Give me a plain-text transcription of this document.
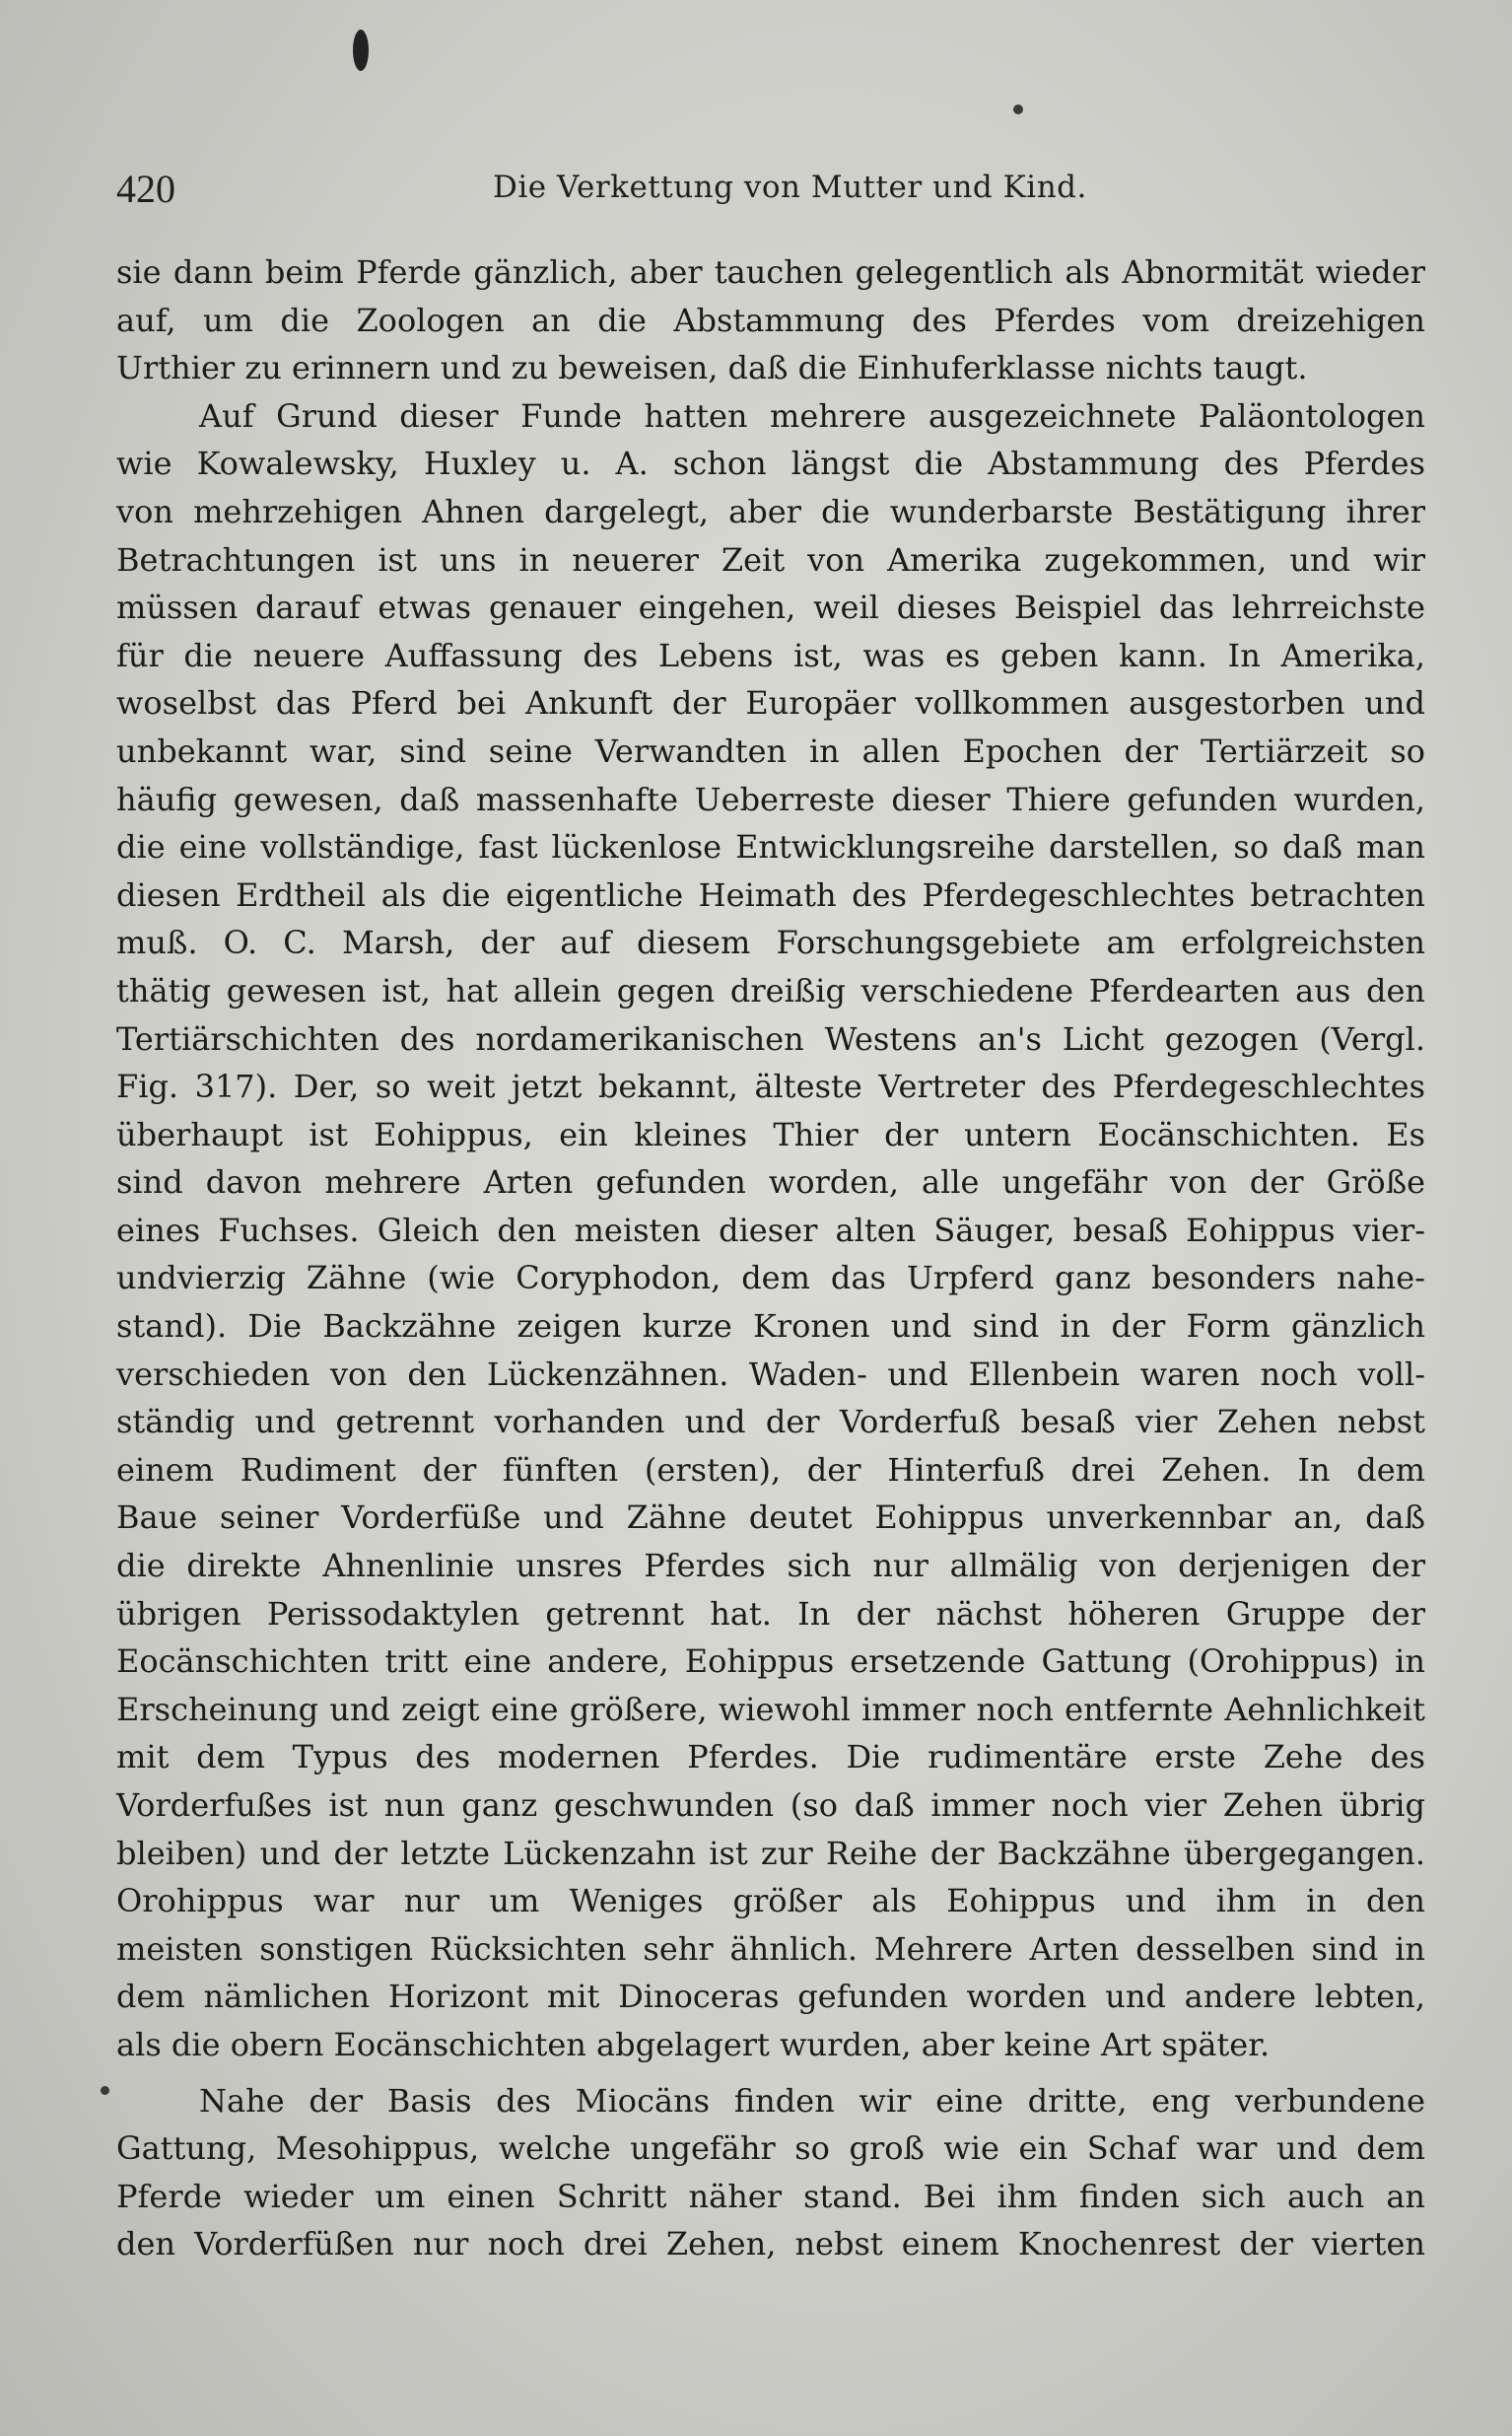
420	Die Verkettung von Mutter und Kind.
sie dann beim Pferde gänzlich, aber tauchen gelegentlich als Abnormität wieder
auf, um die Zoologen an die Abstammung des Pferdes vom dreizehigen
Urthier zu erinnern und zu beweisen, daß die Einhuferklasse nichts taugt.
Auf Grund dieser Funde hatten mehrere ausgezeichnete Paläontologen
wie Kowalewsky, Huxley u. A. schon längst die Abstammung des Pferdes
von mehrzehigen Ahnen dargelegt, aber die wunderbarste Bestätigung ihrer
Betrachtungen ist uns in neuerer Zeit von Amerika zugekommen, und wir
müssen darauf etwas genauer eingehen, weil dieses Beispiel das lehrreichste
für die neuere Auffassung des Lebens ist, was es geben kann. In Amerika,
woselbst das Pferd bei Ankunft der Europäer vollkommen ausgestorben und
unbekannt war, sind seine Verwandten in allen Epochen der Tertiärzeit so
häufig gewesen, daß massenhafte Ueberreste dieser Thiere gefunden wurden,
die eine vollständige, fast lückenlose Entwicklungsreihe darstellen, so daß man
diesen Erdtheil als die eigentliche Heimath des Pferdegeschlechtes betrachten
muß. O. C. Marsh, der auf diesem Forschungsgebiete am erfolgreichsten
thätig gewesen ist, hat allein gegen dreißig verschiedene Pferdearten aus den
Tertiärschichten des nordamerikanischen Westens an's Licht gezogen (Vergl.
Fig. 317). Der, so weit jetzt bekannt, älteste Vertreter des Pferdegeschlechtes
überhaupt ist Eohippus, ein kleines Thier der untern Eocänschichten. Es
sind davon mehrere Arten gefunden worden, alle ungefähr von der Größe
eines Fuchses. Gleich den meisten dieser alten Säuger, besaß Eohippus vier-
undvierzig Zähne (wie Coryphodon, dem das Urpferd ganz besonders nahe-
stand). Die Backzähne zeigen kurze Kronen und sind in der Form gänzlich
verschieden von den Lückenzähnen. Waden- und Ellenbein waren noch voll-
ständig und getrennt vorhanden und der Vorderfuß besaß vier Zehen nebst
einem Rudiment der fünften (ersten), der Hinterfuß drei Zehen. In dem
Baue seiner Vorderfüße und Zähne deutet Eohippus unverkennbar an, daß
die direkte Ahnenlinie unsres Pferdes sich nur allmälig von derjenigen der
übrigen Perissodaktylen getrennt hat. In der nächst höheren Gruppe der
Eocänschichten tritt eine andere, Eohippus ersetzende Gattung (Orohippus) in
Erscheinung und zeigt eine größere, wiewohl immer noch entfernte Aehnlichkeit
mit dem Typus des modernen Pferdes. Die rudimentäre erste Zehe des
Vorderfußes ist nun ganz geschwunden (so daß immer noch vier Zehen übrig
bleiben) und der letzte Lückenzahn ist zur Reihe der Backzähne übergegangen.
Orohippus war nur um Weniges größer als Eohippus und ihm in den
meisten sonstigen Rücksichten sehr ähnlich. Mehrere Arten desselben sind in
dem nämlichen Horizont mit Dinoceras gefunden worden und andere lebten,
als die obern Eocänschichten abgelagert wurden, aber keine Art später.
Nahe der Basis des Miocäns finden wir eine dritte, eng verbundene
Gattung, Mesohippus, welche ungefähr so groß wie ein Schaf war und dem
Pferde wieder um einen Schritt näher stand. Bei ihm finden sich auch an
den Vorderfüßen nur noch drei Zehen, nebst einem Knochenrest der vierten
